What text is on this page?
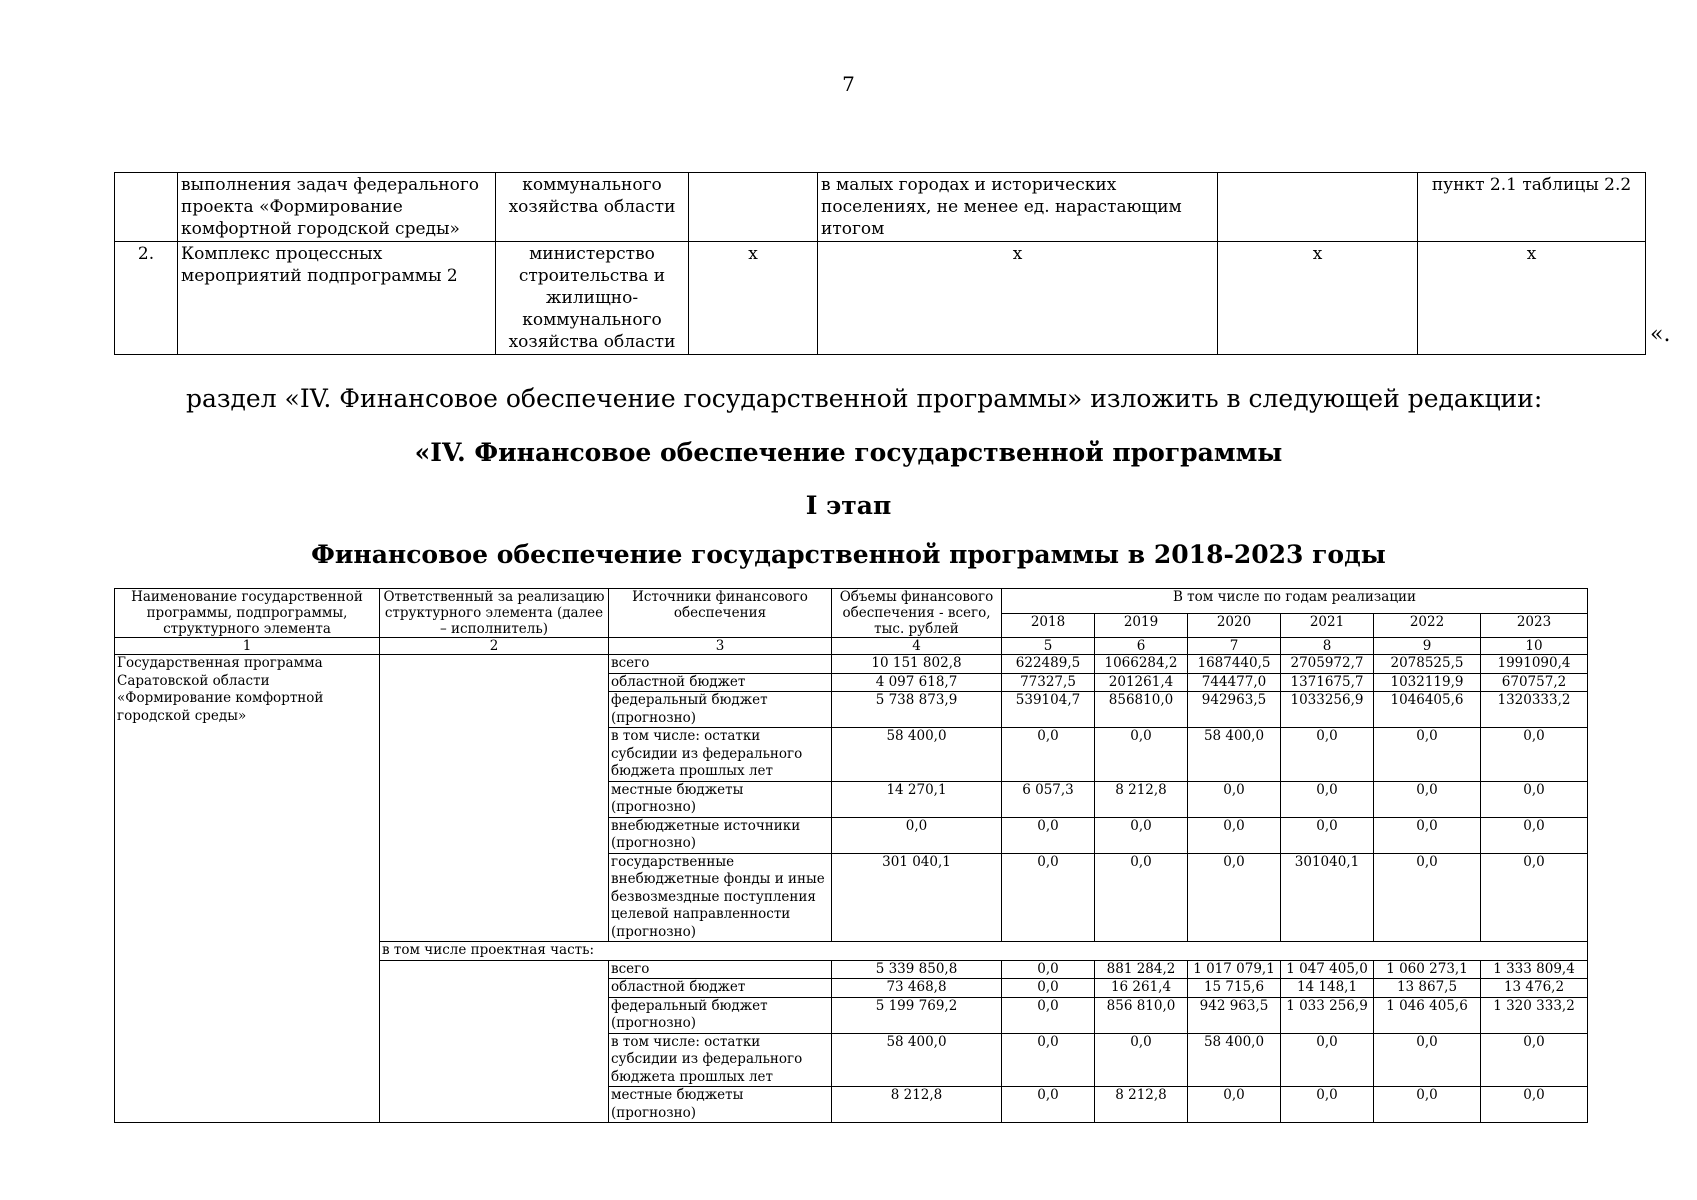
7
	выполнения задач федерального проекта «Формирование комфортной городской среды»	коммунального хозяйства области		в малых городах и исторических поселениях, не менее ед. нарастающим итогом		пункт 2.1 таблицы 2.2
2.	Комплекс процессных мероприятий подпрограммы 2	министерство строительства и жилищно-коммунального хозяйства области	х	х	х	х
«.
раздел «IV. Финансовое обеспечение государственной программы» изложить в следующей редакции:
«IV. Финансовое обеспечение государственной программы
I этап
Финансовое обеспечение государственной программы в 2018-2023 годы
Наименование государственной программы, подпрограммы, структурного элемента	Ответственный за реализацию структурного элемента (далее – исполнитель)	Источники финансового обеспечения	Объемы финансового обеспечения - всего, тыс. рублей	В том числе по годам реализации					
				2018	2019	2020	2021	2022	2023
1	2	3	4	5	6	7	8	9	10
Государственная программа Саратовской области «Формирование комфортной городской среды»		всего	10 151 802,8	622489,5	1066284,2	1687440,5	2705972,7	2078525,5	1991090,4
		областной бюджет	4 097 618,7	77327,5	201261,4	744477,0	1371675,7	1032119,9	670757,2
		федеральный бюджет (прогнозно)	5 738 873,9	539104,7	856810,0	942963,5	1033256,9	1046405,6	1320333,2
		в том числе: остатки субсидии из федерального бюджета прошлых лет	58 400,0	0,0	0,0	58 400,0	0,0	0,0	0,0
		местные бюджеты (прогнозно)	14 270,1	6 057,3	8 212,8	0,0	0,0	0,0	0,0
		внебюджетные источники (прогнозно)	0,0	0,0	0,0	0,0	0,0	0,0	0,0
		государственные внебюджетные фонды и иные безвозмездные поступления целевой направленности (прогнозно)	301 040,1	0,0	0,0	0,0	301040,1	0,0	0,0
	в том числе проектная часть:								
		всего	5 339 850,8	0,0	881 284,2	1 017 079,1	1 047 405,0	1 060 273,1	1 333 809,4
		областной бюджет	73 468,8	0,0	16 261,4	15 715,6	14 148,1	13 867,5	13 476,2
		федеральный бюджет (прогнозно)	5 199 769,2	0,0	856 810,0	942 963,5	1 033 256,9	1 046 405,6	1 320 333,2
		в том числе: остатки субсидии из федерального бюджета прошлых лет	58 400,0	0,0	0,0	58 400,0	0,0	0,0	0,0
		местные бюджеты (прогнозно)	8 212,8	0,0	8 212,8	0,0	0,0	0,0	0,0
